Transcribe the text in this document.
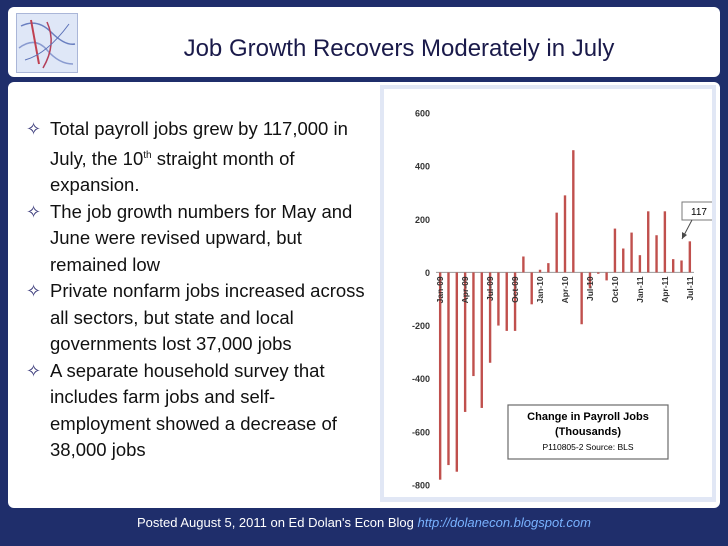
Job Growth Recovers Moderately in July
✧ Total payroll jobs grew by 117,000 in July, the 10th straight month of expansion.
✧ The job growth numbers for May and June were revised upward, but remained low
✧ Private nonfarm jobs increased across all sectors, but state and local governments lost 37,000 jobs
✧ A separate household survey that includes farm jobs and self-employment showed a decrease of 38,000 jobs
600
400
200
0
-200
-400
-600
-800
Jan-09 Apr-09 Jul-09 Oct-09 Jan-10 Apr-10 Jul-10 Oct-10 Jan-11 Apr-11 Jul-11
117
Change in Payroll Jobs
(Thousands)
P110805-2 Source: BLS
Posted August 5, 2011 on Ed Dolan's Econ Blog http://dolanecon.blogspot.com
